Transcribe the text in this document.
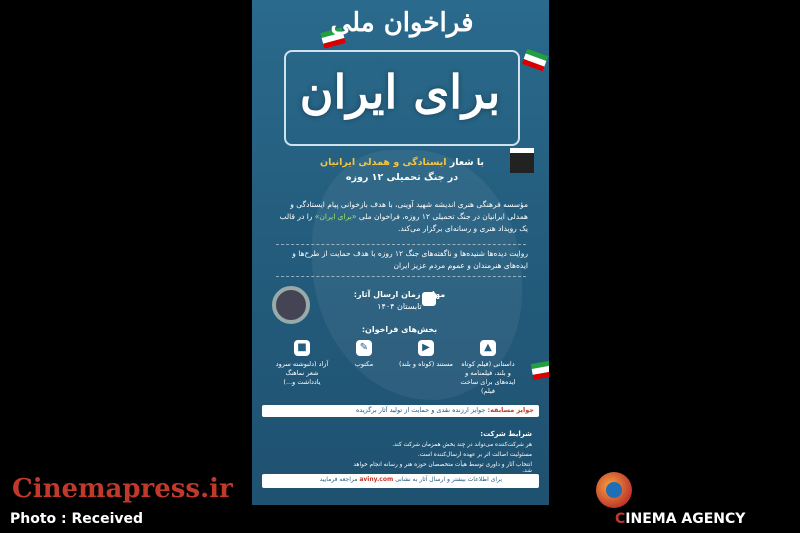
فراخوان ملی
برای ایران
با شعار ایستادگی و همدلی ایرانیان
در جنگ تحمیلی ۱۲ روزه
مؤسسه فرهنگی هنری اندیشه شهید آوینی، با هدف بازخوانی پیام ایستادگی و همدلی ایرانیان در جنگ تحمیلی ۱۲ روزه، فراخوان ملی «برای ایران» را در قالب یک رویداد هنری و رسانه‌ای برگزار می‌کند.
روایت دیده‌ها شنیده‌ها و ناگفته‌های جنگ ۱۲ روزه با هدف حمایت از طرح‌ها و ایده‌های هنرمندان و عموم مردم عزیز ایران
مهلت زمان ارسال آثار:
تابستان ۱۴۰۴
بخش‌های فراخوان:
▲
داستانی (فیلم کوتاه و بلند، فیلمنامه و ایده‌های برای ساخت فیلم)
▶
مستند (کوتاه و بلند)
✎
مکتوب
■
آزاد (دلنوشته سرود شعر نماهنگ یادداشت و...)
جوایز مسابقه: جوایز ارزنده نقدی و حمایت از تولید آثار برگزیده
شرایط شرکت:
هر شرکت‌کننده می‌تواند در چند بخش همزمان شرکت کند.
مسئولیت اصالت اثر بر عهده ارسال‌کننده است.
انتخاب آثار و داوری توسط هیأت متخصصان حوزه هنر و رسانه انجام خواهد شد.
برای اطلاعات بیشتر و ارسال آثار به نشانی aviny.com مراجعه فرمایید
Cinemapress.ir
Photo : Received	CINEMA AGENCY
